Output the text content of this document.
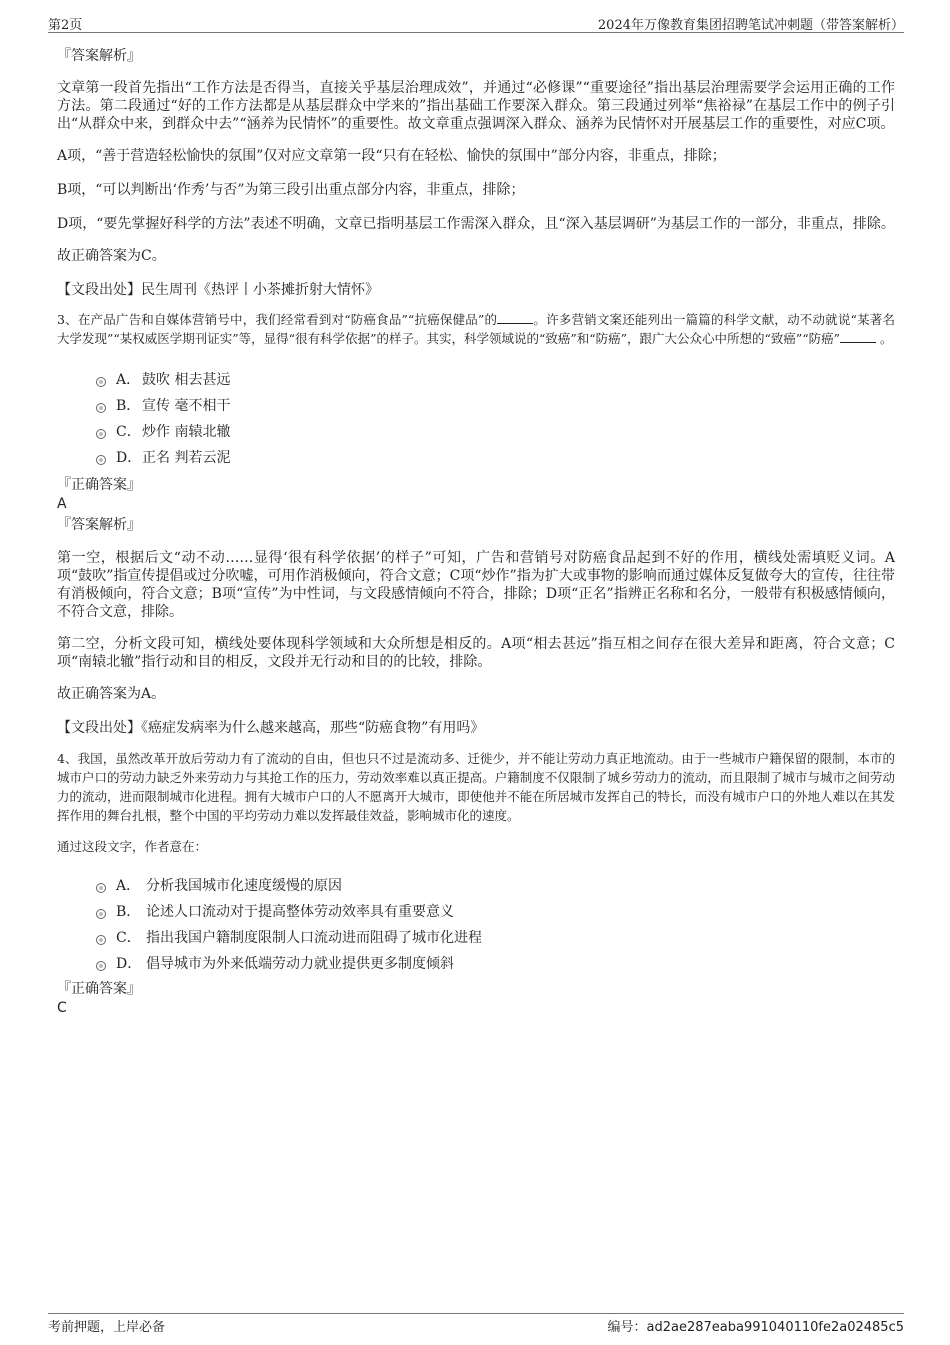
第2页	2024年万像教育集团招聘笔试冲刺题（带答案解析）

『答案解析』

文章第一段首先指出“工作方法是否得当，直接关乎基层治理成效”，并通过“必修课”“重要途径”指出基层治理需要学会运用正确的工作方法。第二段通过“好的工作方法都是从基层群众中学来的”指出基础工作要深入群众。第三段通过列举“焦裕禄”在基层工作中的例子引出“从群众中来，到群众中去”“涵养为民情怀”的重要性。故文章重点强调深入群众、涵养为民情怀对开展基层工作的重要性，对应C项。

A项，“善于营造轻松愉快的氛围”仅对应文章第一段“只有在轻松、愉快的氛围中”部分内容，非重点，排除；

B项，“可以判断出‘作秀’与否”为第三段引出重点部分内容，非重点，排除；

D项，“要先掌握好科学的方法”表述不明确，文章已指明基层工作需深入群众，且“深入基层调研”为基层工作的一部分，非重点，排除。

故正确答案为C。

【文段出处】民生周刊《热评丨小茶摊折射大情怀》

3、在产品广告和自媒体营销号中，我们经常看到对“防癌食品”“抗癌保健品”的	。许多营销文案还能列出一篇篇的科学文献，动不动就说“某著名大学发现”“某权威医学期刊证实”等，显得“很有科学依据”的样子。其实，科学领域说的“致癌”和“防癌”，跟广大公众心中所想的“致癌”“防癌”	。

A． 鼓吹 相去甚远
B． 宣传 毫不相干
C． 炒作 南辕北辙
D． 正名 判若云泥

『正确答案』

A

『答案解析』

第一空，根据后文“动不动……显得‘很有科学依据’的样子”可知，广告和营销号对防癌食品起到不好的作用，横线处需填贬义词。A项“鼓吹”指宣传提倡或过分吹嘘，可用作消极倾向，符合文意；C项“炒作”指为扩大或事物的影响而通过媒体反复做夸大的宣传，往往带有消极倾向，符合文意；B项“宣传”为中性词，与文段感情倾向不符合，排除；D项“正名”指辨正名称和名分，一般带有积极感情倾向，不符合文意，排除。

第二空，分析文段可知，横线处要体现科学领域和大众所想是相反的。A项“相去甚远”指互相之间存在很大差异和距离，符合文意；C项“南辕北辙”指行动和目的相反，文段并无行动和目的的比较，排除。

故正确答案为A。

【文段出处】《癌症发病率为什么越来越高，那些“防癌食物”有用吗》

4、我国，虽然改革开放后劳动力有了流动的自由，但也只不过是流动多、迁徙少，并不能让劳动力真正地流动。由于一些城市户籍保留的限制，本市的城市户口的劳动力缺乏外来劳动力与其抢工作的压力，劳动效率难以真正提高。户籍制度不仅限制了城乡劳动力的流动，而且限制了城市与城市之间劳动力的流动，进而限制城市化进程。拥有大城市户口的人不愿离开大城市，即使他并不能在所居城市发挥自己的特长，而没有城市户口的外地人难以在其发挥作用的舞台扎根，整个中国的平均劳动力难以发挥最佳效益，影响城市化的速度。

通过这段文字，作者意在：

A． 分析我国城市化速度缓慢的原因
B． 论述人口流动对于提高整体劳动效率具有重要意义
C． 指出我国户籍制度限制人口流动进而阻碍了城市化进程
D． 倡导城市为外来低端劳动力就业提供更多制度倾斜

『正确答案』

C

考前押题，上岸必备	编号：ad2ae287eaba991040110fe2a02485c5
